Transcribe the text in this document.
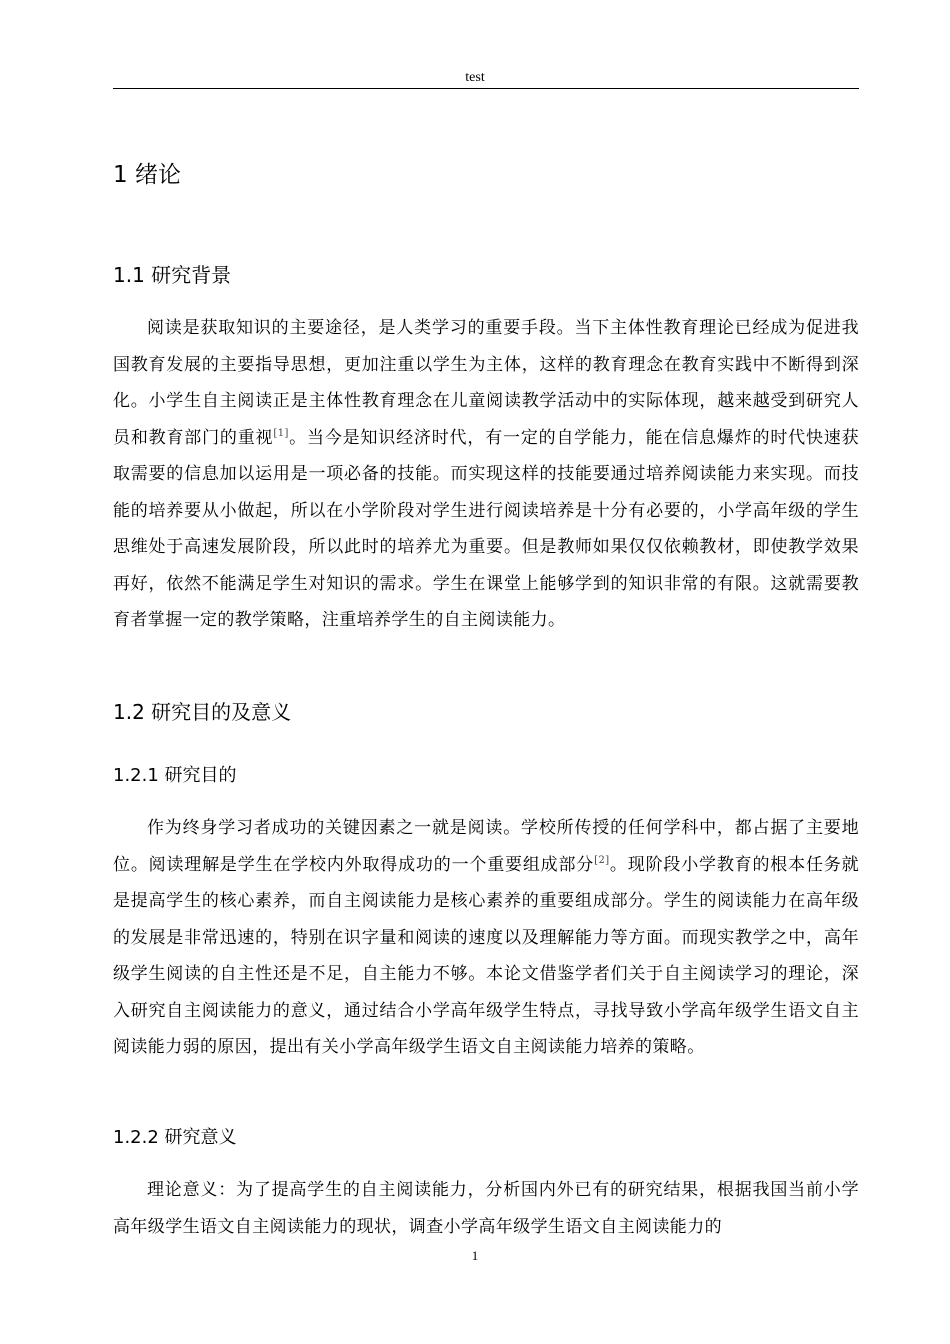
test
1 绪论
1.1 研究背景

阅读是获取知识的主要途径，是人类学习的重要手段。当下主体性教育理论已经成为促进我国教育发展的主要指导思想，更加注重以学生为主体，这样的教育理念在教育实践中不断得到深化。小学生自主阅读正是主体性教育理念在儿童阅读教学活动中的实际体现，越来越受到研究人员和教育部门的重视[1]。当今是知识经济时代，有一定的自学能力，能在信息爆炸的时代快速获取需要的信息加以运用是一项必备的技能。而实现这样的技能要通过培养阅读能力来实现。而技能的培养要从小做起，所以在小学阶段对学生进行阅读培养是十分有必要的，小学高年级的学生思维处于高速发展阶段，所以此时的培养尤为重要。但是教师如果仅仅依赖教材，即使教学效果再好，依然不能满足学生对知识的需求。学生在课堂上能够学到的知识非常的有限。这就需要教育者掌握一定的教学策略，注重培养学生的自主阅读能力。

1.2 研究目的及意义
1.2.1 研究目的

作为终身学习者成功的关键因素之一就是阅读。学校所传授的任何学科中，都占据了主要地位。阅读理解是学生在学校内外取得成功的一个重要组成部分[2]。现阶段小学教育的根本任务就是提高学生的核心素养，而自主阅读能力是核心素养的重要组成部分。学生的阅读能力在高年级的发展是非常迅速的，特别在识字量和阅读的速度以及理解能力等方面。而现实教学之中，高年级学生阅读的自主性还是不足，自主能力不够。本论文借鉴学者们关于自主阅读学习的理论，深入研究自主阅读能力的意义，通过结合小学高年级学生特点，寻找导致小学高年级学生语文自主阅读能力弱的原因，提出有关小学高年级学生语文自主阅读能力培养的策略。

1.2.2 研究意义

理论意义：为了提高学生的自主阅读能力，分析国内外已有的研究结果，根据我国当前小学高年级学生语文自主阅读能力的现状，调查小学高年级学生语文自主阅读能力的

1
